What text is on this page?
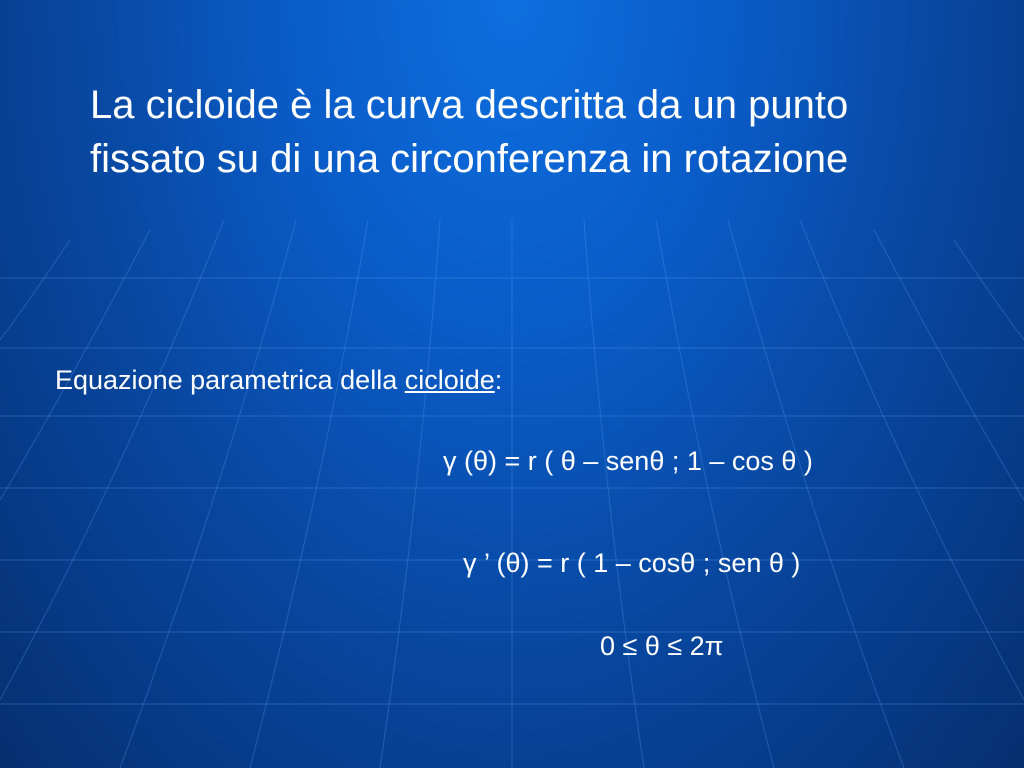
La cicloide è la curva descritta da un punto
fissato su di una circonferenza in rotazione
Equazione parametrica della cicloide:
γ (θ) = r ( θ – senθ ; 1 – cos θ )
γ ’ (θ) = r ( 1 – cosθ ; sen θ )
0 ≤ θ ≤ 2π
